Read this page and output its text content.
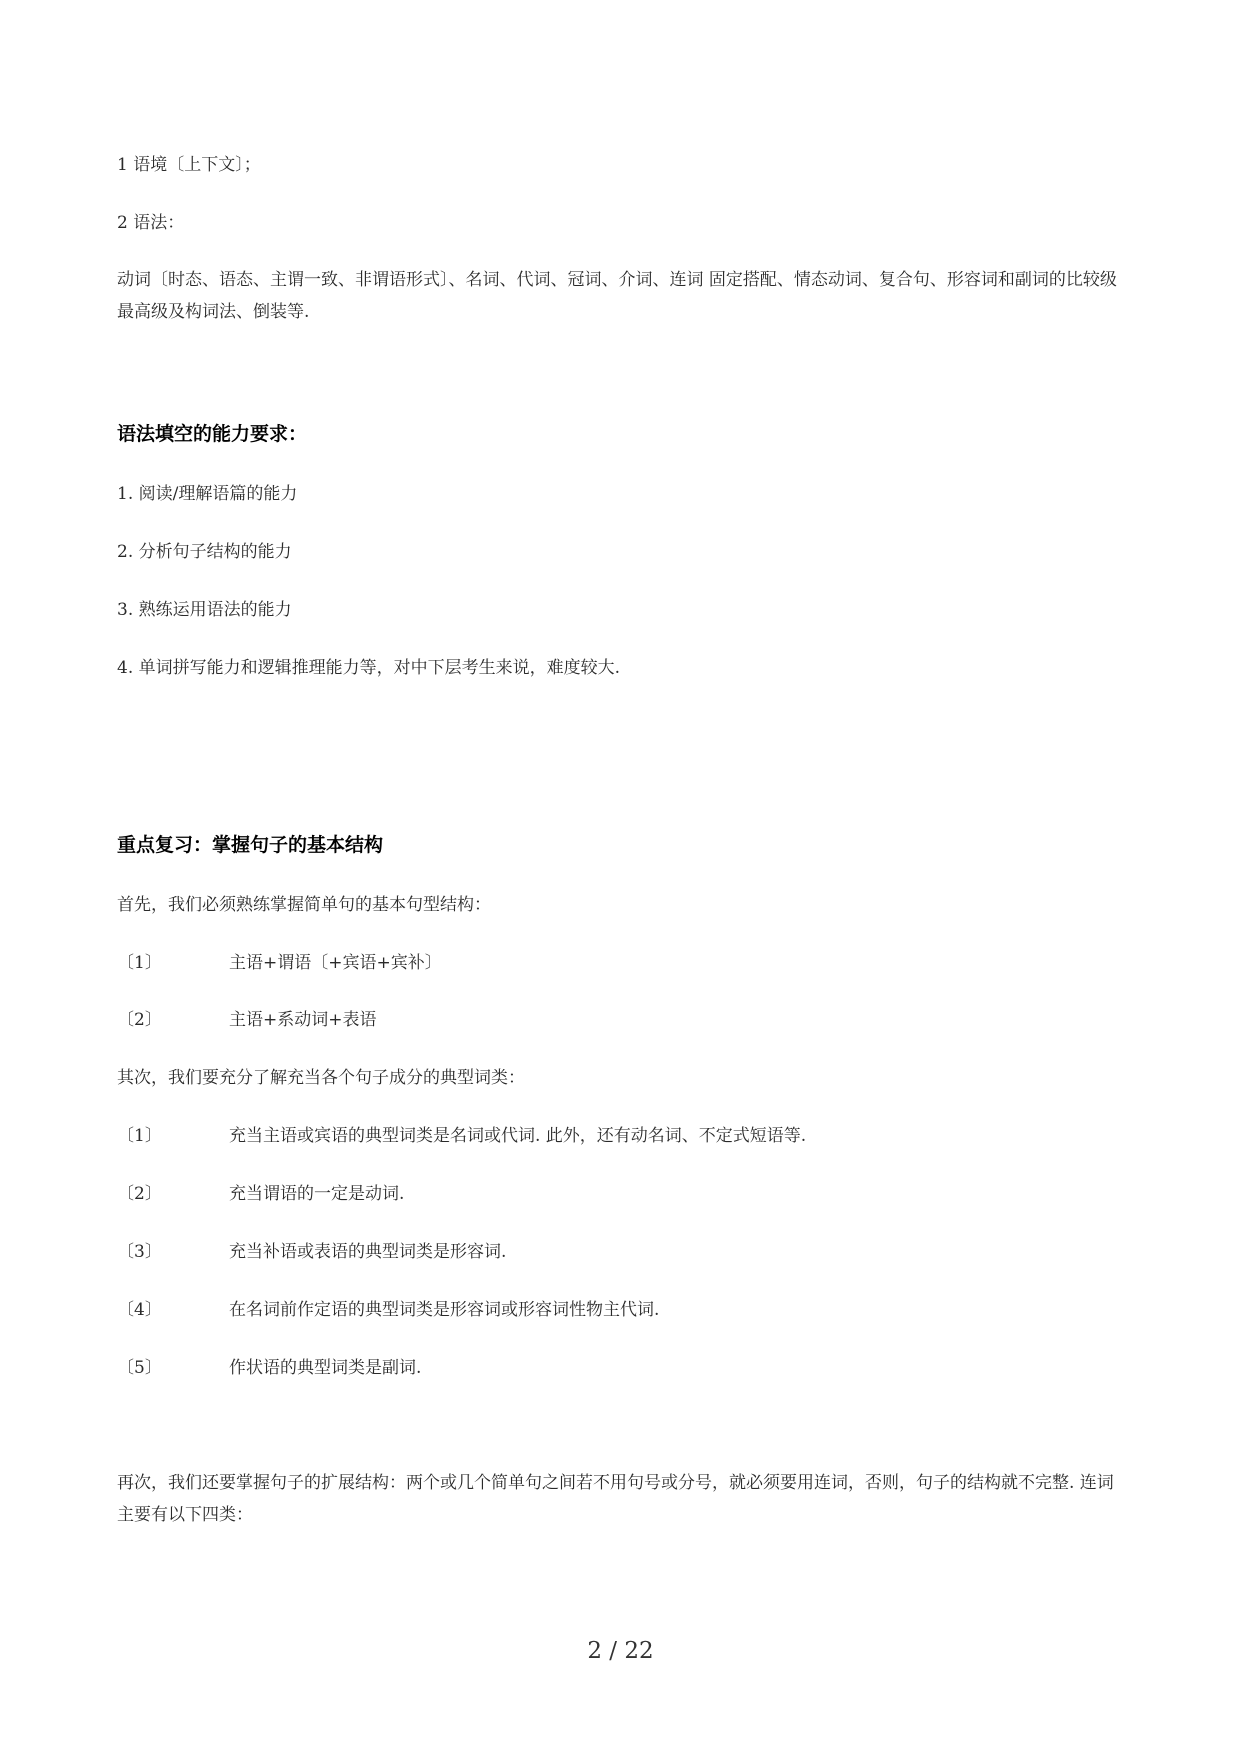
1 语境〔上下文〕；
2 语法：
动词〔时态、语态、主谓一致、非谓语形式〕、名词、代词、冠词、介词、连词 固定搭配、情态动词、复合句、形容词和副词的比较级最高级及构词法、倒装等.
语法填空的能力要求：
1. 阅读/理解语篇的能力
2. 分析句子结构的能力
3. 熟练运用语法的能力
4. 单词拼写能力和逻辑推理能力等，对中下层考生来说，难度较大.
重点复习：掌握句子的基本结构
首先，我们必须熟练掌握简单句的基本句型结构：
〔1〕	主语+谓语〔+宾语+宾补〕
〔2〕	主语+系动词+表语
其次，我们要充分了解充当各个句子成分的典型词类：
〔1〕	充当主语或宾语的典型词类是名词或代词. 此外，还有动名词、不定式短语等.
〔2〕	充当谓语的一定是动词.
〔3〕	充当补语或表语的典型词类是形容词.
〔4〕	在名词前作定语的典型词类是形容词或形容词性物主代词.
〔5〕	作状语的典型词类是副词.
再次，我们还要掌握句子的扩展结构：两个或几个简单句之间若不用句号或分号，就必须要用连词，否则，句子的结构就不完整. 连词主要有以下四类：
2 / 22
